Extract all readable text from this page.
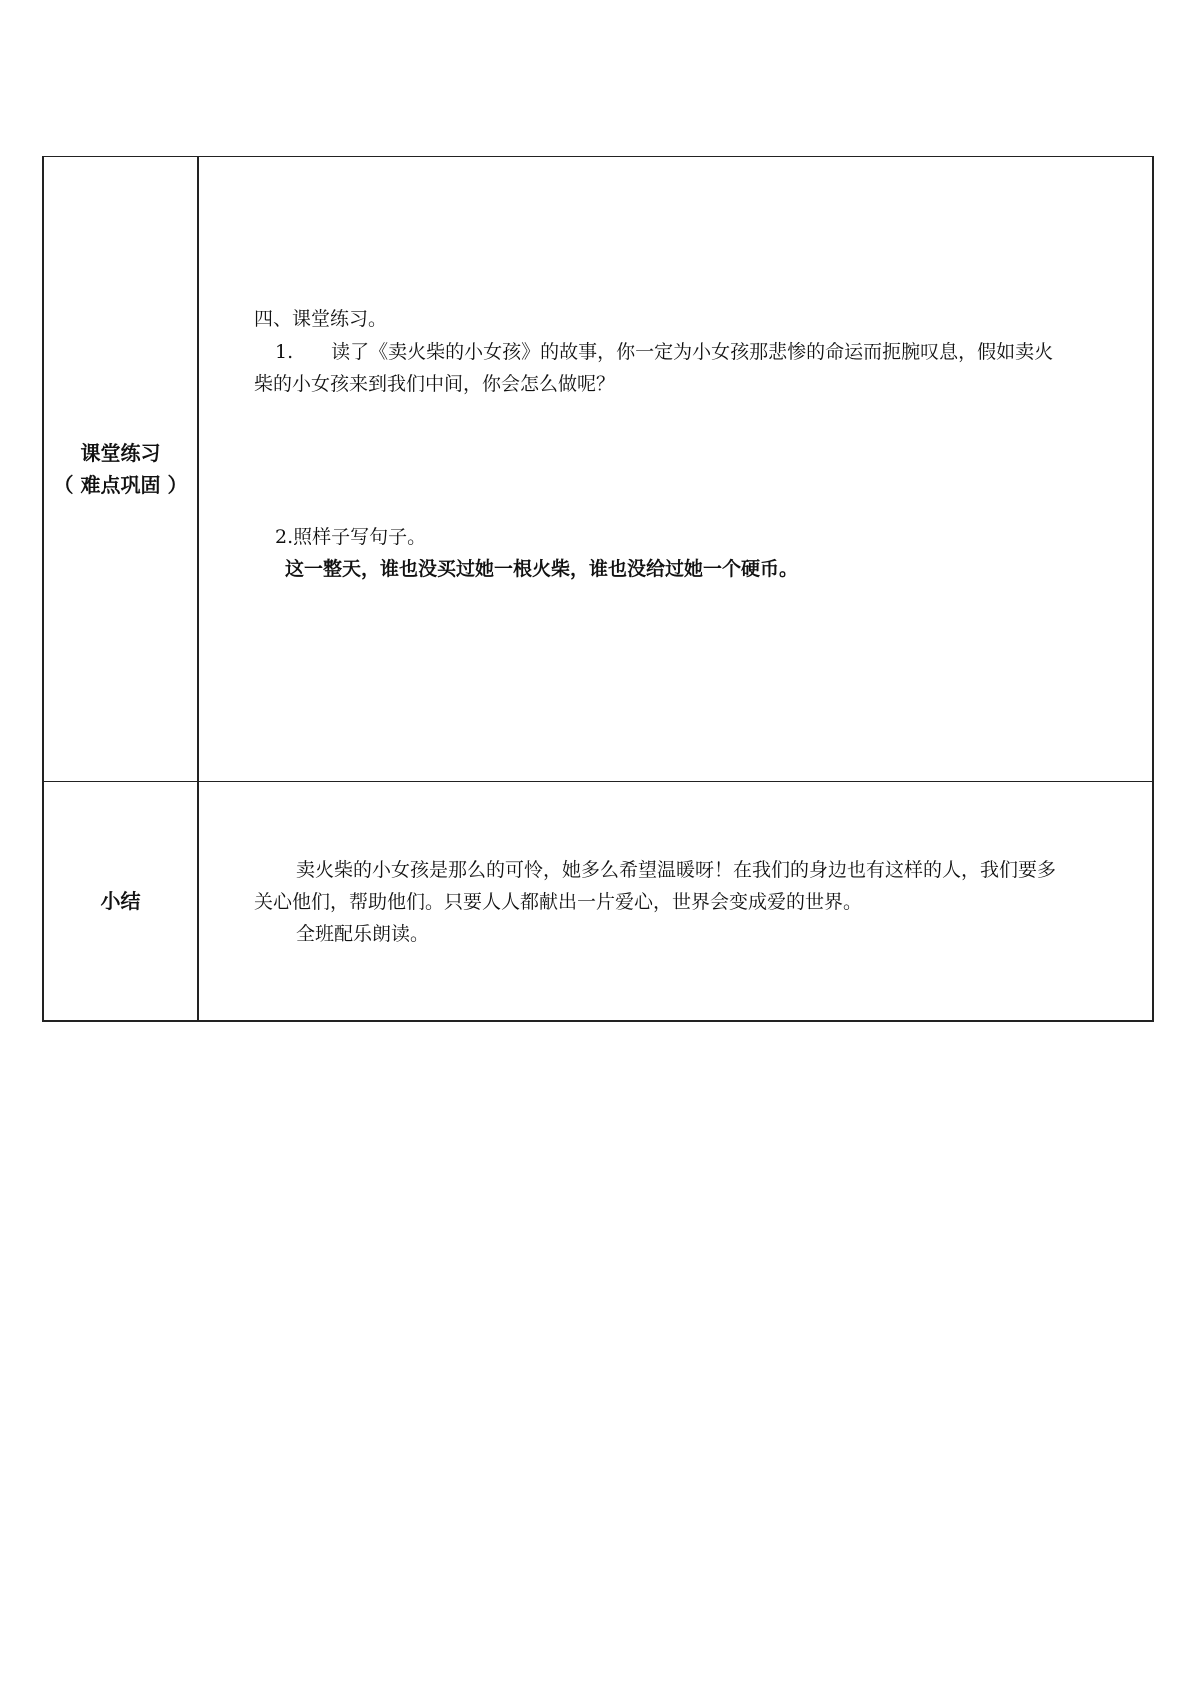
课堂练习
（ 难点巩固 ）
四、课堂练习。
1.　　读了《卖火柴的小女孩》的故事，你一定为小女孩那悲惨的命运而扼腕叹息，假如卖火
柴的小女孩来到我们中间，你会怎么做呢？
2.照样子写句子。
这一整天，谁也没买过她一根火柴，谁也没给过她一个硬币。
小结
卖火柴的小女孩是那么的可怜，她多么希望温暖呀！在我们的身边也有这样的人，我们要多
关心他们，帮助他们。只要人人都献出一片爱心，世界会变成爱的世界。
全班配乐朗读。
